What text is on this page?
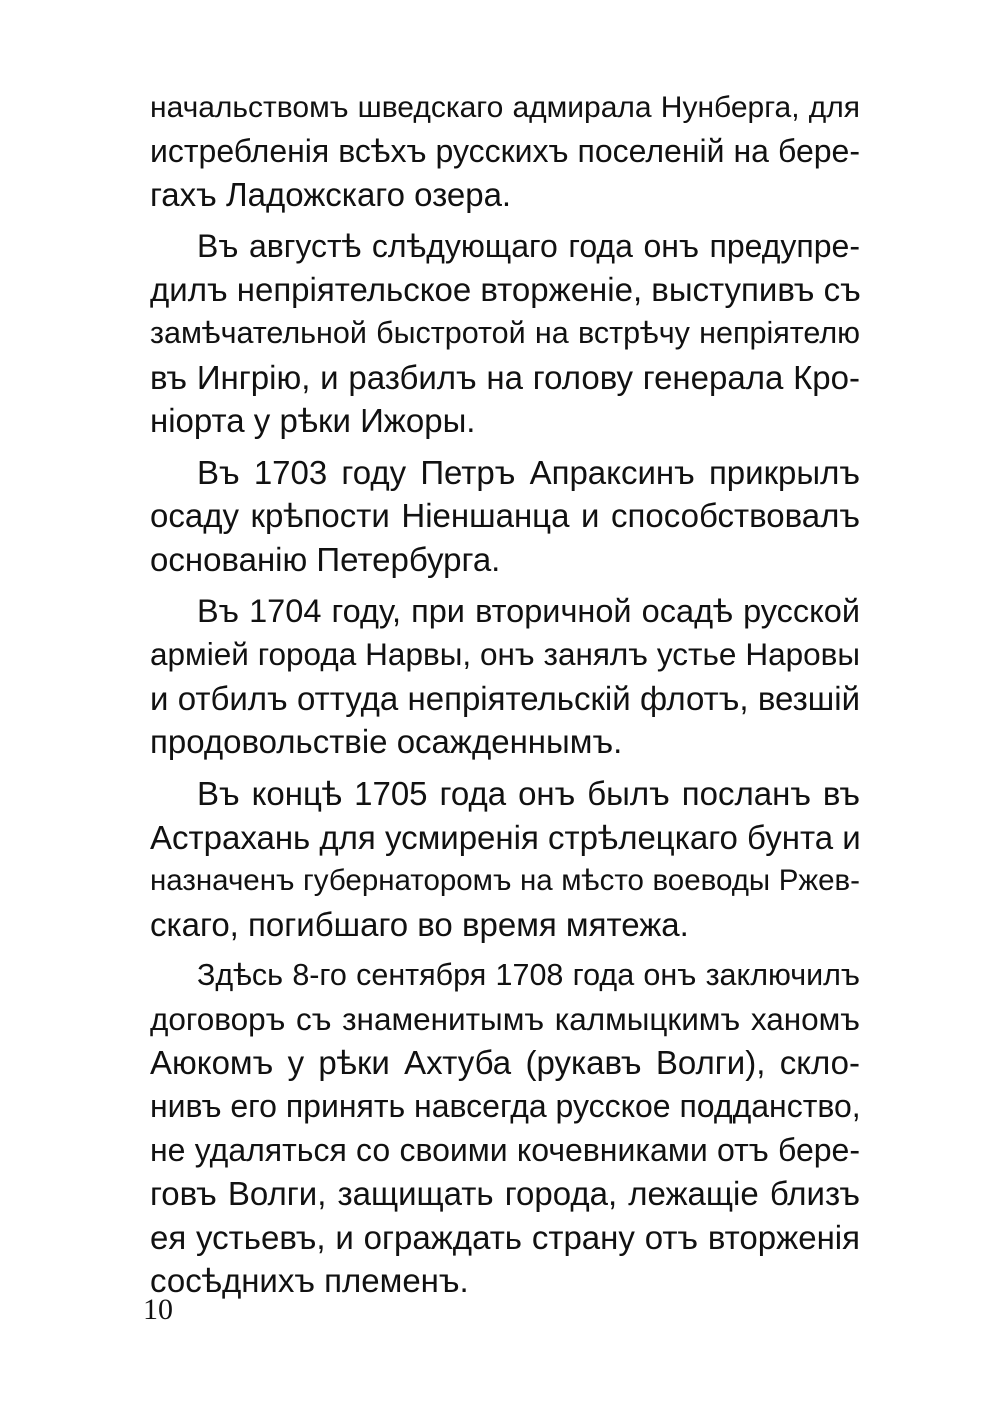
начальствомъ шведскаго адмирала Нунберга, для
истребленія всѣхъ русскихъ поселеній на бере-
гахъ Ладожскаго озера.
Въ августѣ слѣдующаго года онъ предупре-
дилъ непріятельское вторженіе, выступивъ съ
замѣчательной быстротой на встрѣчу непріятелю
въ Ингрію, и разбилъ на голову генерала Кро-
ніорта у рѣки Ижоры.
Въ 1703 году Петръ Апраксинъ прикрылъ
осаду крѣпости Ніеншанца и способствовалъ
основанію Петербурга.
Въ 1704 году, при вторичной осадѣ русской
арміей города Нарвы, онъ занялъ устье Наровы
и отбилъ оттуда непріятельскій флотъ, везшій
продовольствіе осажденнымъ.
Въ концѣ 1705 года онъ былъ посланъ въ
Астрахань для усмиренія стрѣлецкаго бунта и
назначенъ губернаторомъ на мѣсто воеводы Ржев-
скаго, погибшаго во время мятежа.
Здѣсь 8-го сентября 1708 года онъ заключилъ
договоръ съ знаменитымъ калмыцкимъ ханомъ
Аюкомъ у рѣки Ахтуба (рукавъ Волги), скло-
нивъ его принять навсегда русское подданство,
не удаляться со своими кочевниками отъ бере-
говъ Волги, защищать города, лежащіе близъ
ея устьевъ, и ограждать страну отъ вторженія
сосѣднихъ племенъ.
10
